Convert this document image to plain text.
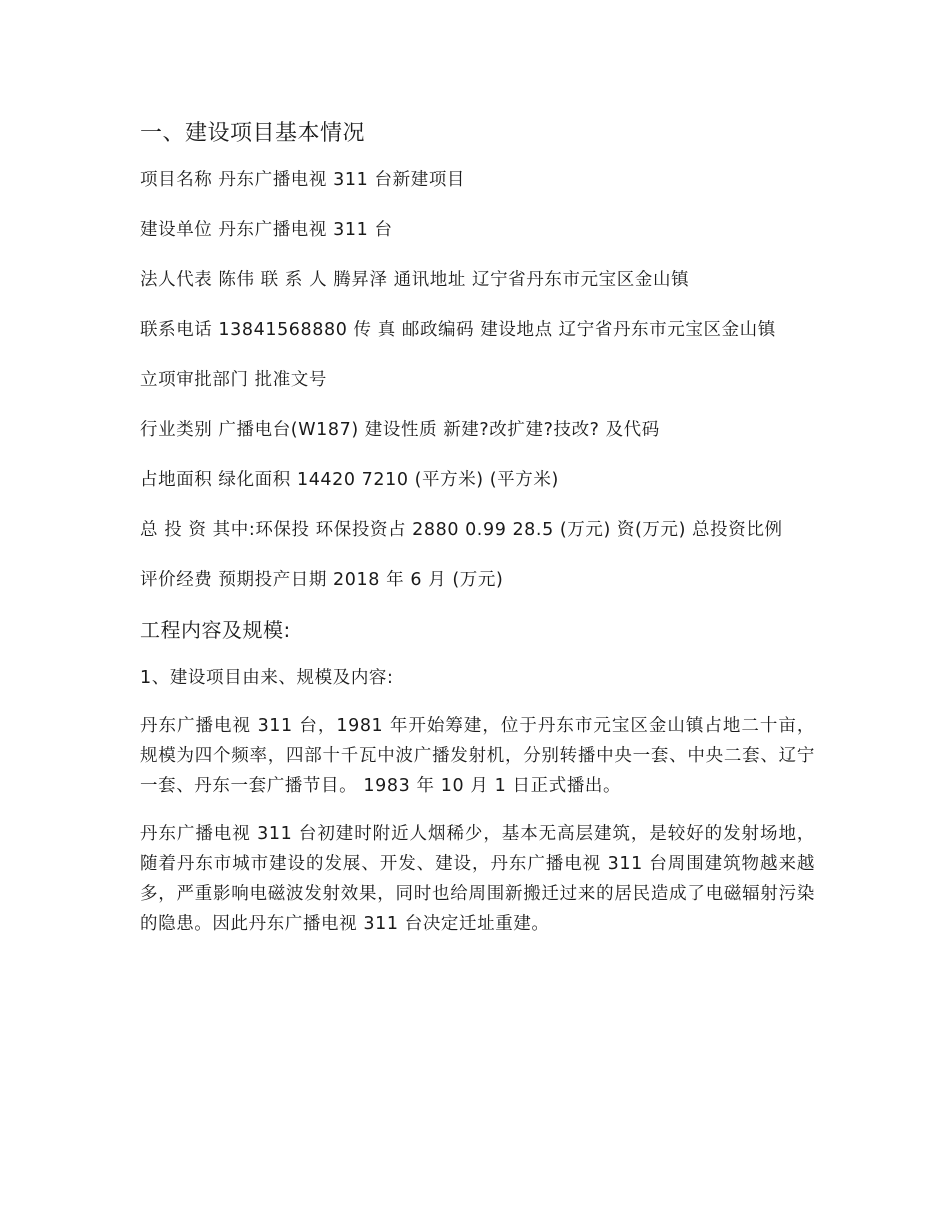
一、建设项目基本情况
项目名称 丹东广播电视 311 台新建项目
建设单位 丹东广播电视 311 台
法人代表 陈伟 联 系 人 腾昇泽 通讯地址 辽宁省丹东市元宝区金山镇
联系电话 13841568880 传 真 邮政编码 建设地点 辽宁省丹东市元宝区金山镇
立项审批部门 批准文号
行业类别 广播电台(W187) 建设性质 新建?改扩建?技改? 及代码
占地面积 绿化面积 14420 7210 (平方米) (平方米)
总 投 资 其中:环保投 环保投资占 2880 0.99 28.5 (万元) 资(万元) 总投资比例
评价经费 预期投产日期 2018 年 6 月 (万元)
工程内容及规模:
1、建设项目由来、规模及内容:
丹东广播电视 311 台，1981 年开始筹建，位于丹东市元宝区金山镇占地二十亩，规模为四个频率，四部十千瓦中波广播发射机，分别转播中央一套、中央二套、辽宁一套、丹东一套广播节目。 1983 年 10 月 1 日正式播出。
丹东广播电视 311 台初建时附近人烟稀少，基本无高层建筑，是较好的发射场地，随着丹东市城市建设的发展、开发、建设，丹东广播电视 311 台周围建筑物越来越多，严重影响电磁波发射效果，同时也给周围新搬迁过来的居民造成了电磁辐射污染的隐患。因此丹东广播电视 311 台决定迁址重建。
